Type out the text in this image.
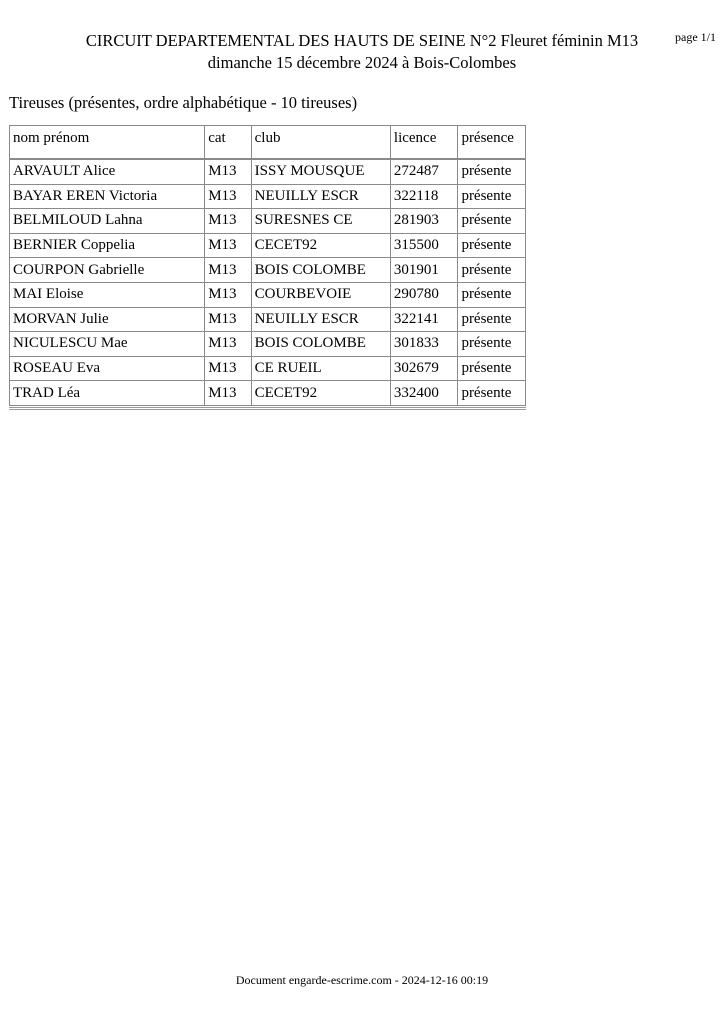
page 1/1
CIRCUIT DEPARTEMENTAL DES HAUTS DE SEINE N°2 Fleuret féminin M13
dimanche 15 décembre 2024 à Bois-Colombes
Tireuses (présentes, ordre alphabétique - 10 tireuses)
nom prénom	cat	club	licence	présence
ARVAULT Alice	M13	ISSY MOUSQUE	272487	présente
BAYAR EREN Victoria	M13	NEUILLY ESCR	322118	présente
BELMILOUD Lahna	M13	SURESNES CE	281903	présente
BERNIER Coppelia	M13	CECET92	315500	présente
COURPON Gabrielle	M13	BOIS COLOMBE	301901	présente
MAI Eloise	M13	COURBEVOIE	290780	présente
MORVAN Julie	M13	NEUILLY ESCR	322141	présente
NICULESCU Mae	M13	BOIS COLOMBE	301833	présente
ROSEAU Eva	M13	CE RUEIL	302679	présente
TRAD Léa	M13	CECET92	332400	présente
Document engarde-escrime.com - 2024-12-16 00:19
